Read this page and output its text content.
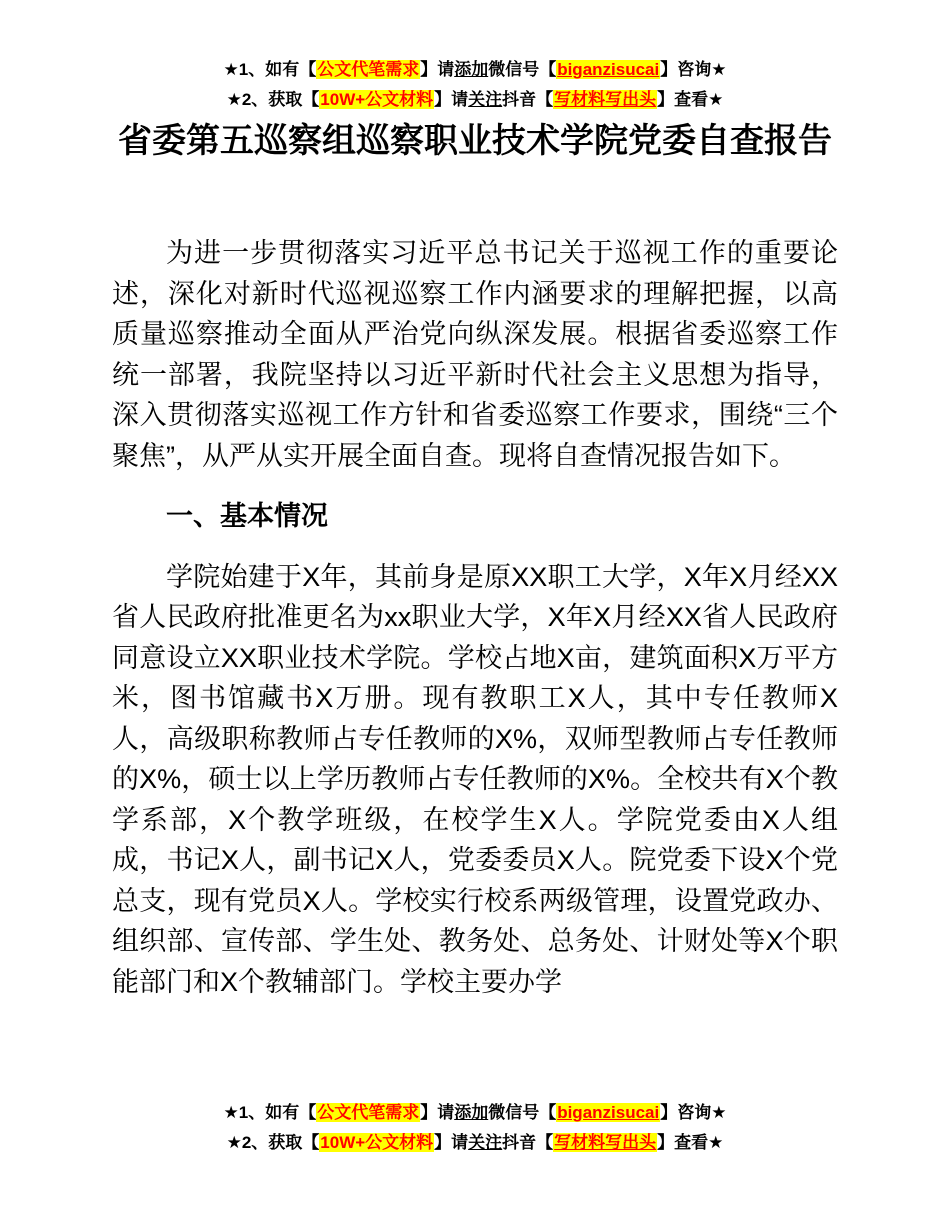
★1、如有【公文代笔需求】请添加微信号【biganzisucai】咨询★
★2、获取【10W+公文材料】请关注抖音【写材料写出头】查看★
省委第五巡察组巡察职业技术学院党委自查报告

为进一步贯彻落实习近平总书记关于巡视工作的重要论述，深化对新时代巡视巡察工作内涵要求的理解把握，以高质量巡察推动全面从严治党向纵深发展。根据省委巡察工作统一部署，我院坚持以习近平新时代社会主义思想为指导，深入贯彻落实巡视工作方针和省委巡察工作要求，围绕“三个聚焦”，从严从实开展全面自查。现将自查情况报告如下。

一、基本情况

学院始建于X年，其前身是原XX职工大学，X年X月经XX省人民政府批准更名为xx职业大学，X年X月经XX省人民政府同意设立XX职业技术学院。学校占地X亩，建筑面积X万平方米，图书馆藏书X万册。现有教职工X人，其中专任教师X人，高级职称教师占专任教师的X%，双师型教师占专任教师的X%，硕士以上学历教师占专任教师的X%。全校共有X个教学系部，X个教学班级，在校学生X人。学院党委由X人组成，书记X人，副书记X人，党委委员X人。院党委下设X个党总支，现有党员X人。学校实行校系两级管理，设置党政办、组织部、宣传部、学生处、教务处、总务处、计财处等X个职能部门和X个教辅部门。学校主要办学

★1、如有【公文代笔需求】请添加微信号【biganzisucai】咨询★
★2、获取【10W+公文材料】请关注抖音【写材料写出头】查看★
